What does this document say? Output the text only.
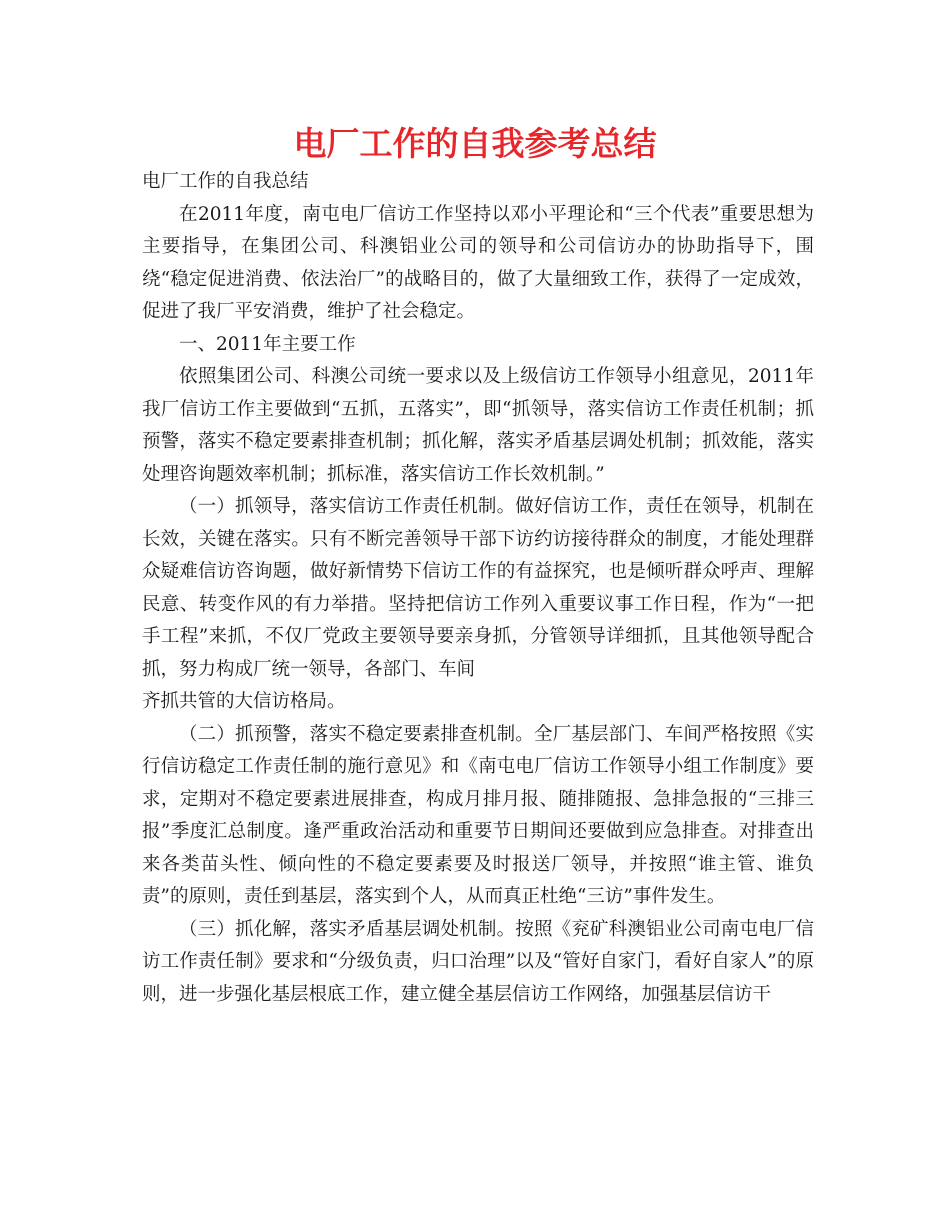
电厂工作的自我参考总结

电厂工作的自我总结

在2011年度，南屯电厂信访工作坚持以邓小平理论和“三个代表”重要思想为主要指导，在集团公司、科澳铝业公司的领导和公司信访办的协助指导下，围绕“稳定促进消费、依法治厂”的战略目的，做了大量细致工作，获得了一定成效，促进了我厂平安消费，维护了社会稳定。

一、2011年主要工作

依照集团公司、科澳公司统一要求以及上级信访工作领导小组意见，2011年我厂信访工作主要做到“五抓，五落实”，即“抓领导，落实信访工作责任机制；抓预警，落实不稳定要素排查机制；抓化解，落实矛盾基层调处机制；抓效能，落实处理咨询题效率机制；抓标准，落实信访工作长效机制。”

（一）抓领导，落实信访工作责任机制。做好信访工作，责任在领导，机制在长效，关键在落实。只有不断完善领导干部下访约访接待群众的制度，才能处理群众疑难信访咨询题，做好新情势下信访工作的有益探究，也是倾听群众呼声、理解民意、转变作风的有力举措。坚持把信访工作列入重要议事工作日程，作为“一把手工程”来抓，不仅厂党政主要领导要亲身抓，分管领导详细抓，且其他领导配合抓，努力构成厂统一领导，各部门、车间

齐抓共管的大信访格局。

（二）抓预警，落实不稳定要素排查机制。全厂基层部门、车间严格按照《实行信访稳定工作责任制的施行意见》和《南屯电厂信访工作领导小组工作制度》要求，定期对不稳定要素进展排查，构成月排月报、随排随报、急排急报的“三排三报”季度汇总制度。逢严重政治活动和重要节日期间还要做到应急排查。对排查出来各类苗头性、倾向性的不稳定要素要及时报送厂领导，并按照“谁主管、谁负责”的原则，责任到基层，落实到个人，从而真正杜绝“三访”事件发生。

（三）抓化解，落实矛盾基层调处机制。按照《兖矿科澳铝业公司南屯电厂信访工作责任制》要求和“分级负责，归口治理”以及“管好自家门，看好自家人”的原则，进一步强化基层根底工作，建立健全基层信访工作网络，加强基层信访干
